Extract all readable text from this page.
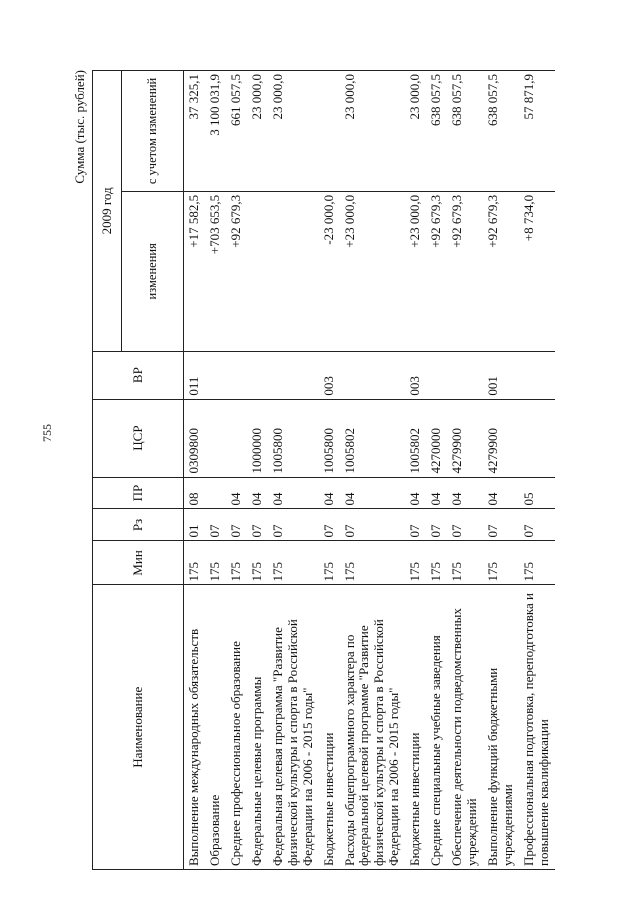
755
Сумма (тыс. рублей)
Наименование	Мин	Рз	ПР	ЦСР	ВР	2009 год	
						изменения	с учетом изменений
Выполнение международных обязательств	175	01	08	0309800	011	+17 582,5	37 325,1
Образование	175	07				+703 653,5	3 100 031,9
Среднее профессиональное образование	175	07	04			+92 679,3	661 057,5
Федеральные целевые программы	175	07	04	1000000			23 000,0
Федеральная целевая программа "Развитие физической культуры и спорта в Российской Федерации на 2006 - 2015 годы"	175	07	04	1005800			23 000,0
Бюджетные инвестиции	175	07	04	1005800	003	-23 000,0	
Расходы общепрограммного характера по федеральной целевой программе "Развитие физической культуры и спорта в Российской Федерации на 2006 - 2015 годы"	175	07	04	1005802		+23 000,0	23 000,0
Бюджетные инвестиции	175	07	04	1005802	003	+23 000,0	23 000,0
Средние специальные учебные заведения	175	07	04	4270000		+92 679,3	638 057,5
Обеспечение деятельности подведомственных учреждений	175	07	04	4279900		+92 679,3	638 057,5
Выполнение функций бюджетными учреждениями	175	07	04	4279900	001	+92 679,3	638 057,5
Профессиональная подготовка, переподготовка и повышение квалификации	175	07	05			+8 734,0	57 871,9
